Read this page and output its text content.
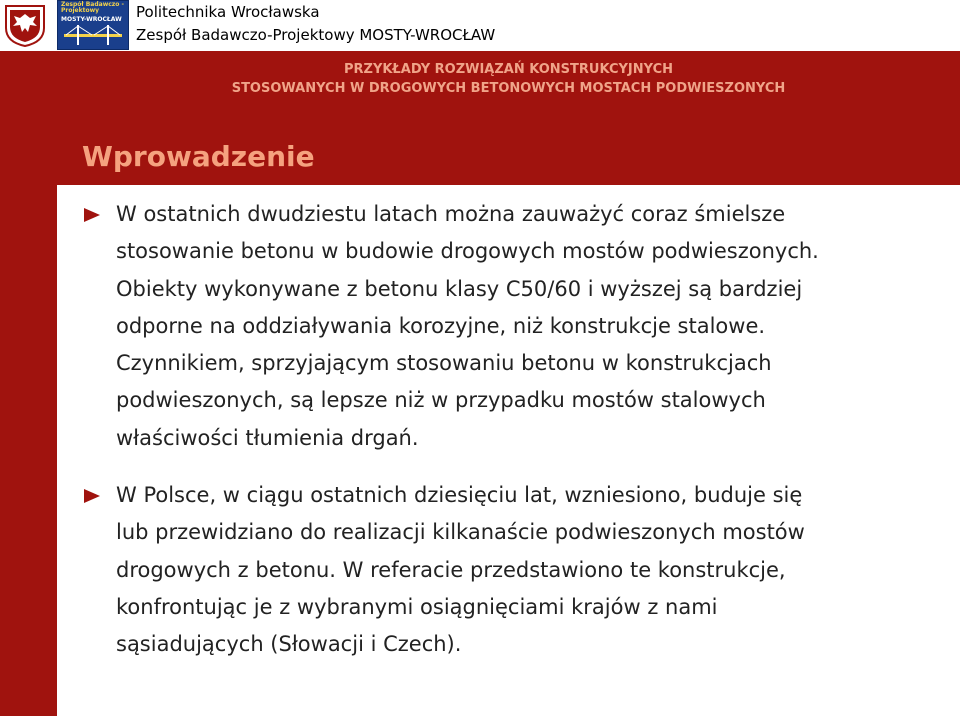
Zespół Badawczo - Projektowy
MOSTY-WROCŁAW Politechnika Wrocławska
Zespół Badawczo-Projektowy MOSTY-WROCŁAW
PRZYKŁADY ROZWIĄZAŃ KONSTRUKCYJNYCH
STOSOWANYCH W DROGOWYCH BETONOWYCH MOSTACH PODWIESZONYCH
Wprowadzenie
W ostatnich dwudziestu latach można zauważyć coraz śmielsze
stosowanie betonu w budowie drogowych mostów podwieszonych.
Obiekty wykonywane z betonu klasy C50/60 i wyższej są bardziej
odporne na oddziaływania korozyjne, niż konstrukcje stalowe.
Czynnikiem, sprzyjającym stosowaniu betonu w konstrukcjach
podwieszonych, są lepsze niż w przypadku mostów stalowych
właściwości tłumienia drgań.
W Polsce, w ciągu ostatnich dziesięciu lat, wzniesiono, buduje się
lub przewidziano do realizacji kilkanaście podwieszonych mostów
drogowych z betonu. W referacie przedstawiono te konstrukcje,
konfrontując je z wybranymi osiągnięciami krajów z nami
sąsiadujących (Słowacji i Czech).
